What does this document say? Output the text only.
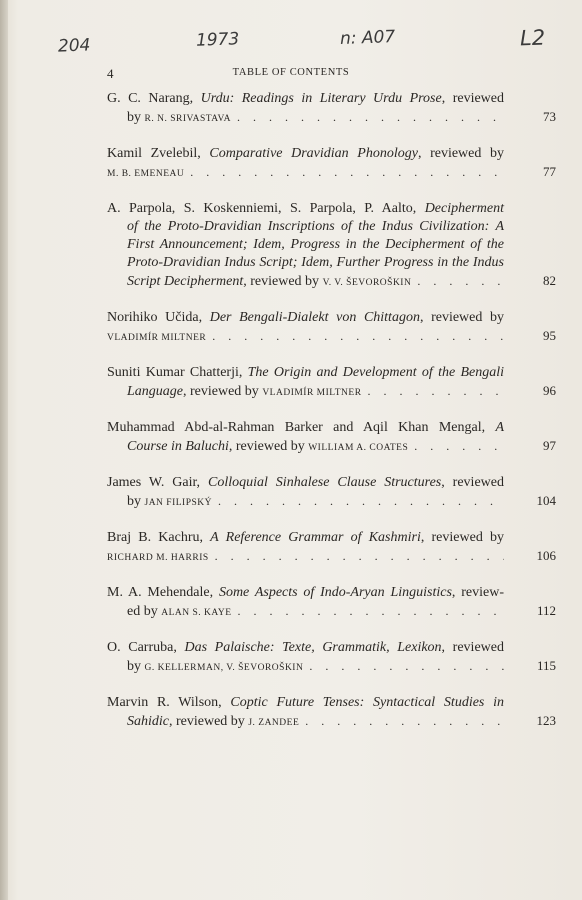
204	1973	n: A07	L2
4	TABLE OF CONTENTS
G. C. Narang, Urdu: Readings in Literary Urdu Prose, reviewed
by
R. N. SRIVASTAVA . . .	73
Kamil Zvelebil, Comparative Dravidian Phonology, reviewed by
M. B. EMENEAU . . .	77
A. Parpola, S. Koskenniemi, S. Parpola, P. Aalto, Decipherment
of the Proto-Dravidian Inscriptions of the Indus Civilization: A
First Announcement; Idem, Progress in the Decipherment of the
Proto-Dravidian Indus Script; Idem, Further Progress in the Indus
Script Decipherment, reviewed by V. V. ŠEVOROŠKIN . . .	82
Norihiko Učida, Der Bengali-Dialekt von Chittagon, reviewed by
VLADIMÍR MILTNER . . .	95
Suniti Kumar Chatterji, The Origin and Development of the Bengali
Language, reviewed by VLADIMÍR MILTNER . . .	96
Muhammad Abd-al-Rahman Barker and Aqil Khan Mengal, A
Course in Baluchi, reviewed by WILLIAM A. COATES . . .	97
James W. Gair, Colloquial Sinhalese Clause Structures, reviewed
by
JAN FILIPSKÝ . . .	104
Braj B. Kachru, A Reference Grammar of Kashmiri, reviewed by
RICHARD M. HARRIS . . .	106
M. A. Mehendale, Some Aspects of Indo-Aryan Linguistics, review-
ed by
ALAN S. KAYE . . .	112
O. Carruba, Das Palaische: Texte, Grammatik, Lexikon, reviewed
by
G. KELLERMAN, V. ŠEVOROŠKIN . . .	115
Marvin R. Wilson, Coptic Future Tenses: Syntactical Studies in
Sahidic, reviewed by J. ZANDEE . . .	123
